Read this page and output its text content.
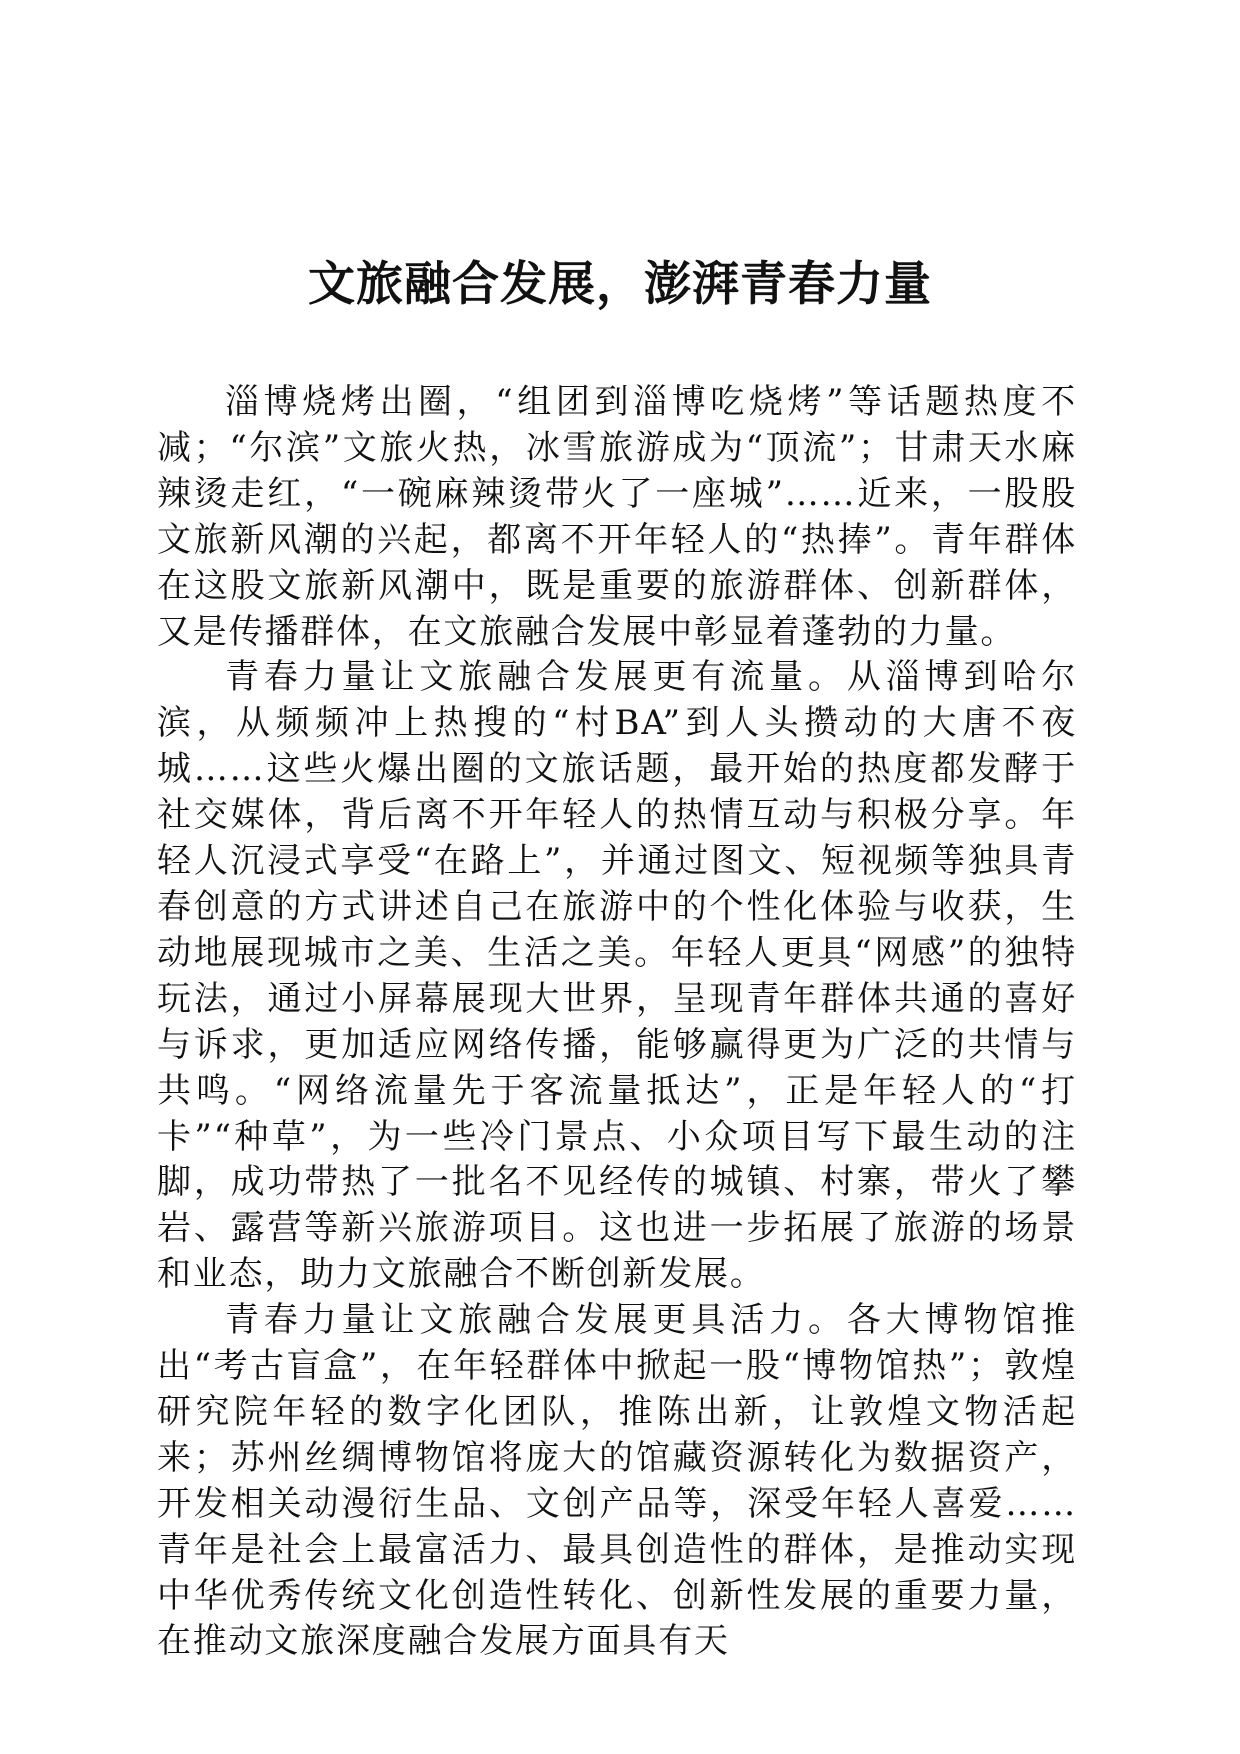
文旅融合发展，澎湃青春力量

淄博烧烤出圈，“组团到淄博吃烧烤”等话题热度不减；“尔滨”文旅火热，冰雪旅游成为“顶流”；甘肃天水麻辣烫走红，“一碗麻辣烫带火了一座城”……近来，一股股文旅新风潮的兴起，都离不开年轻人的“热捧”。青年群体在这股文旅新风潮中，既是重要的旅游群体、创新群体，又是传播群体，在文旅融合发展中彰显着蓬勃的力量。

青春力量让文旅融合发展更有流量。从淄博到哈尔滨，从频频冲上热搜的“村BA”到人头攒动的大唐不夜城……这些火爆出圈的文旅话题，最开始的热度都发酵于社交媒体，背后离不开年轻人的热情互动与积极分享。年轻人沉浸式享受“在路上”，并通过图文、短视频等独具青春创意的方式讲述自己在旅游中的个性化体验与收获，生动地展现城市之美、生活之美。年轻人更具“网感”的独特玩法，通过小屏幕展现大世界，呈现青年群体共通的喜好与诉求，更加适应网络传播，能够赢得更为广泛的共情与共鸣。“网络流量先于客流量抵达”，正是年轻人的“打卡”“种草”，为一些冷门景点、小众项目写下最生动的注脚，成功带热了一批名不见经传的城镇、村寨，带火了攀岩、露营等新兴旅游项目。这也进一步拓展了旅游的场景和业态，助力文旅融合不断创新发展。

青春力量让文旅融合发展更具活力。各大博物馆推出“考古盲盒”，在年轻群体中掀起一股“博物馆热”；敦煌研究院年轻的数字化团队，推陈出新，让敦煌文物活起来；苏州丝绸博物馆将庞大的馆藏资源转化为数据资产，开发相关动漫衍生品、文创产品等，深受年轻人喜爱……青年是社会上最富活力、最具创造性的群体，是推动实现中华优秀传统文化创造性转化、创新性发展的重要力量，在推动文旅深度融合发展方面具有天
